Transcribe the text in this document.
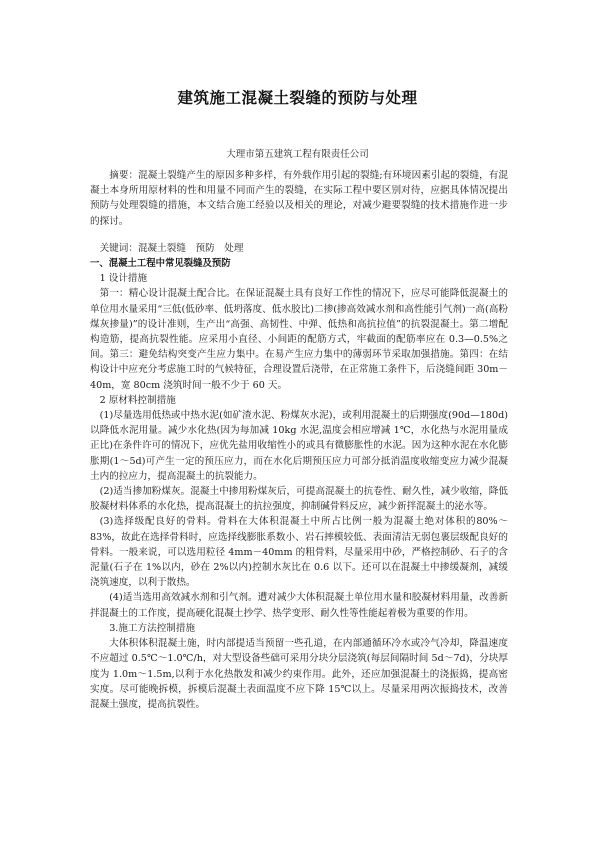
建筑施工混凝土裂缝的预防与处理
大理市第五建筑工程有限责任公司

摘要：混凝土裂缝产生的原因多种多样，有外载作用引起的裂缝;有环境因素引起的裂缝，有混凝土本身所用原材料的性和用量不同而产生的裂缝，在实际工程中要区别对待，应据具体情况提出预防与处理裂缝的措施，本文结合施工经验以及相关的理论，对减少避要裂缝的技术措施作进一步的探讨。

关键词：混凝土裂缝　预防　处理

一、混凝土工程中常见裂缝及预防

1 设计措施

第一：精心设计混凝土配合比。在保证混凝土具有良好工作性的情况下，应尽可能降低混凝土的单位用水量采用“三低(低砂率、低坍落度、低水胶比)二掺(掺高效减水剂和高性能引气剂)一高(高粉煤灰掺量)”的设计准则，生产出“高强、高韧性、中弹、低热和高抗拉值”的抗裂混凝土。第二增配构造筋，提高抗裂性能。应采用小直径、小间距的配筋方式，牢截面的配筋率应在 0.3—0.5%之间。第三：避免结构突变产生应力集中。在易产生应力集中的薄弱环节采取加强措施。第四：在结构设计中应充分考虑施工时的气候特征，合理设置后浇带，在正常施工条件下，后浇缝间距 30m－40m，宽 80cm 浇筑时间一般不少于 60 天。

2 原材料控制措施

(1)尽量选用低热或中热水泥(如矿渣水泥、粉煤灰水泥)，或利用混凝土的后期强度(90d—180d)以降低水泥用量。减少水化热(因为每加减 10kg 水泥,温度会相应增减 1℃，水化热与水泥用量成正比)在条件许可的情况下，应优先盐用收缩性小的或具有微膨胀性的水泥。因为这种水泥在水化膨胀期(1～5d)可产生一定的预压应力，而在水化后期预压应力可部分抵消温度收缩变应力减少混凝土内的拉应力，提高混凝土的抗裂能力。

(2)适当掺加粉煤灰。混凝土中掺用粉煤灰后，可提高混凝土的抗卷性、耐久性，减少收缩，降低胶凝材料体系的水化热，提高混凝土的抗拉强度，抑制碱骨料反应，减少新拌混凝土的泌水等。

(3)选择级配良好的骨料。骨料在大体积混凝土中所占比例一般为混凝土绝对体积的80%～83%，故此在选择骨料时，应选择线膨胀系数小、岩石摔模较低、表面清洁无弱包裹层级配良好的骨料。一般来说，可以选用粒径 4mm－40mm 的粗骨料，尽量采用中砂，严格控制砂、石子的含泥量(石子在 1%以内，砂在 2%以内)控制水灰比在 0.6 以下。还可以在混凝土中掺缓凝剂，减缓浇筑速度，以利于散热。

(4)适当选用高效减水剂和引气剂。遭对减少大体积混凝土单位用水量和胶凝材料用量，改善新拌混凝土的工作度，提高硬化混凝土抄学、热学变形、耐久性等性能起着极为重要的作用。

3.施工方法控制措施

大体积体积混凝土施，时内部提适当预留一些孔道，在内部通循环冷水或冷气冷却，降温速度不应超过 0.5℃～1.0℃/h，对大型设备些础可采用分块分层浇筑(每层间隔时间 5d～7d)，分块厚度为 1.0m～1.5m,以利于水化热散发和减少约束作用。此外，还应加强混凝土的浇振捣，提高密实度。尽可能晚拆模，拆模后混凝土表面温度不应下降 15℃以上。尽量采用两次振捣技术，改善混凝土强度，提高抗裂性。
